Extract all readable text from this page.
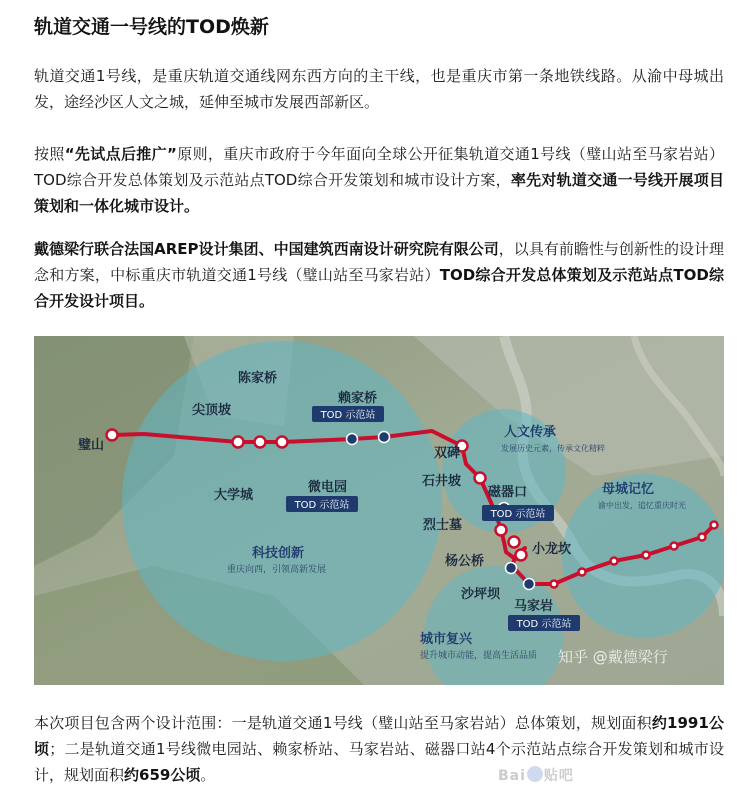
轨道交通一号线的TOD焕新

轨道交通1号线，是重庆轨道交通线网东西方向的主干线，也是重庆市第一条地铁线路。从渝中母城出发，途经沙区人文之城，延伸至城市发展西部新区。

按照“先试点后推广”原则，重庆市政府于今年面向全球公开征集轨道交通1号线（璧山站至马家岩站）TOD综合开发总体策划及示范站点TOD综合开发策划和城市设计方案，率先对轨道交通一号线开展项目策划和一体化城市设计。

戴德梁行联合法国AREP设计集团、中国建筑西南设计研究院有限公司，以具有前瞻性与创新性的设计理念和方案，中标重庆市轨道交通1号线（璧山站至马家岩站）TOD综合开发总体策划及示范站点TOD综合开发设计项目。

璧山
尖顶坡
陈家桥
赖家桥
大学城
微电园
双碑
石井坡
磁器口
烈士墓
杨公桥
小龙坎
沙坪坝
马家岩
TOD 示范站
TOD 示范站
TOD 示范站
TOD 示范站
科技创新
重庆向西，引领高新发展
人文传承
发展历史元素，传承文化精粹
母城记忆
渝中出发，追忆重庆时光
城市复兴
提升城市动能，提高生活品质 知乎 @戴德梁行

本次项目包含两个设计范围：一是轨道交通1号线（璧山站至马家岩站）总体策划，规划面积约1991公顷；二是轨道交通1号线微电园站、赖家桥站、马家岩站、磁器口站4个示范站点综合开发策划和城市设计，规划面积约659公顷。	Bai 贴吧
